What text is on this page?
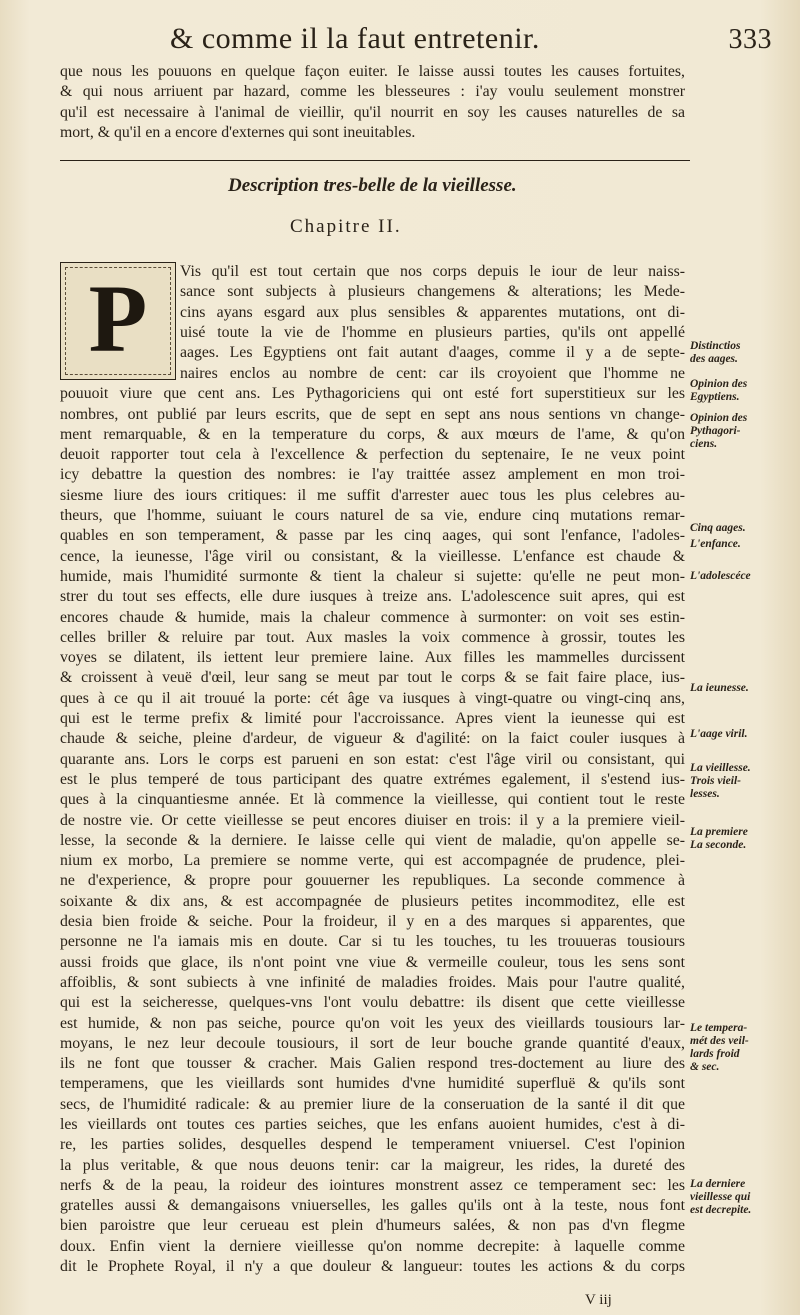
& comme il la faut entretenir.	333
que nous les pouuons en quelque façon euiter. Ie laisse aussi toutes les causes fortuites,
& qui nous arriuent par hazard, comme les blesseures : i'ay voulu seulement monstrer
qu'il est necessaire à l'animal de vieillir, qu'il nourrit en soy les causes naturelles de sa
mort, & qu'il en a encore d'externes qui sont ineuitables.
Description tres-belle de la vieillesse.
Chapitre II.
P	Vis qu'il est tout certain que nos corps depuis le iour de leur naiss-
sance sont subjects à plusieurs changemens & alterations; les Mede-
cins ayans esgard aux plus sensibles & apparentes mutations, ont di-
uisé toute la vie de l'homme en plusieurs parties, qu'ils ont appellé
aages. Les Egyptiens ont fait autant d'aages, comme il y a de septe-
naires enclos au nombre de cent: car ils croyoient que l'homme ne
pouuoit viure que cent ans. Les Pythagoriciens qui ont esté fort superstitieux sur les
nombres, ont publié par leurs escrits, que de sept en sept ans nous sentions vn change-
ment remarquable, & en la temperature du corps, & aux mœurs de l'ame, & qu'on
deuoit rapporter tout cela à l'excellence & perfection du septenaire, Ie ne veux point
icy debattre la question des nombres: ie l'ay traittée assez amplement en mon troi-
siesme liure des iours critiques: il me suffit d'arrester auec tous les plus celebres au-
theurs, que l'homme, suiuant le cours naturel de sa vie, endure cinq mutations remar-
quables en son temperament, & passe par les cinq aages, qui sont l'enfance, l'adoles-
cence, la ieunesse, l'âge viril ou consistant, & la vieillesse. L'enfance est chaude &
humide, mais l'humidité surmonte & tient la chaleur si sujette: qu'elle ne peut mon-
strer du tout ses effects, elle dure iusques à treize ans. L'adolescence suit apres, qui est
encores chaude & humide, mais la chaleur commence à surmonter: on voit ses estin-
celles briller & reluire par tout. Aux masles la voix commence à grossir, toutes les
voyes se dilatent, ils iettent leur premiere laine. Aux filles les mammelles durcissent
& croissent à veuë d'œil, leur sang se meut par tout le corps & se fait faire place, ius-
ques à ce qu il ait trouué la porte: cét âge va iusques à vingt-quatre ou vingt-cinq ans,
qui est le terme prefix & limité pour l'accroissance. Apres vient la ieunesse qui est
chaude & seiche, pleine d'ardeur, de vigueur & d'agilité: on la faict couler iusques à
quarante ans. Lors le corps est parueni en son estat: c'est l'âge viril ou consistant, qui
est le plus temperé de tous participant des quatre extrémes egalement, il s'estend ius-
ques à la cinquantiesme année. Et là commence la vieillesse, qui contient tout le reste
de nostre vie. Or cette vieillesse se peut encores diuiser en trois: il y a la premiere vieil-
lesse, la seconde & la derniere. Ie laisse celle qui vient de maladie, qu'on appelle se-
nium ex morbo, La premiere se nomme verte, qui est accompagnée de prudence, plei-
ne d'experience, & propre pour gouuerner les republiques. La seconde commence à
soixante & dix ans, & est accompagnée de plusieurs petites incommoditez, elle est
desia bien froide & seiche. Pour la froideur, il y en a des marques si apparentes, que
personne ne l'a iamais mis en doute. Car si tu les touches, tu les trouueras tousiours
aussi froids que glace, ils n'ont point vne viue & vermeille couleur, tous les sens sont
affoiblis, & sont subiects à vne infinité de maladies froides. Mais pour l'autre qualité,
qui est la seicheresse, quelques-vns l'ont voulu debattre: ils disent que cette vieillesse
est humide, & non pas seiche, pource qu'on voit les yeux des vieillards tousiours lar-
moyans, le nez leur decoule tousiours, il sort de leur bouche grande quantité d'eaux,
ils ne font que tousser & cracher. Mais Galien respond tres-doctement au liure des
temperamens, que les vieillards sont humides d'vne humidité superfluë & qu'ils sont
secs, de l'humidité radicale: & au premier liure de la conseruation de la santé il dit que
les vieillards ont toutes ces parties seiches, que les enfans auoient humides, c'est à di-
re, les parties solides, desquelles despend le temperament vniuersel. C'est l'opinion
la plus veritable, & que nous deuons tenir: car la maigreur, les rides, la dureté des
nerfs & de la peau, la roideur des iointures monstrent assez ce temperament sec: les
gratelles aussi & demangaisons vniuerselles, les galles qu'ils ont à la teste, nous font
bien paroistre que leur cerueau est plein d'humeurs salées, & non pas d'vn flegme
doux. Enfin vient la derniere vieillesse qu'on nomme decrepite: à laquelle comme
dit le Prophete Royal, il n'y a que douleur & langueur: toutes les actions & du corps
Distinctios
des aages.
Opinion des
Egyptiens.
Opinion des
Pythagori-
ciens.
Cinq aages.
L'enfance.
L'adolescéce
La ieunesse.
L'aage viril.
La vieillesse.
Trois vieil-
lesses.
La premiere
La seconde.
Le tempera-
mét des veil-
lards froid
& sec.
La derniere
vieillesse qui
est decrepite.
V iij
